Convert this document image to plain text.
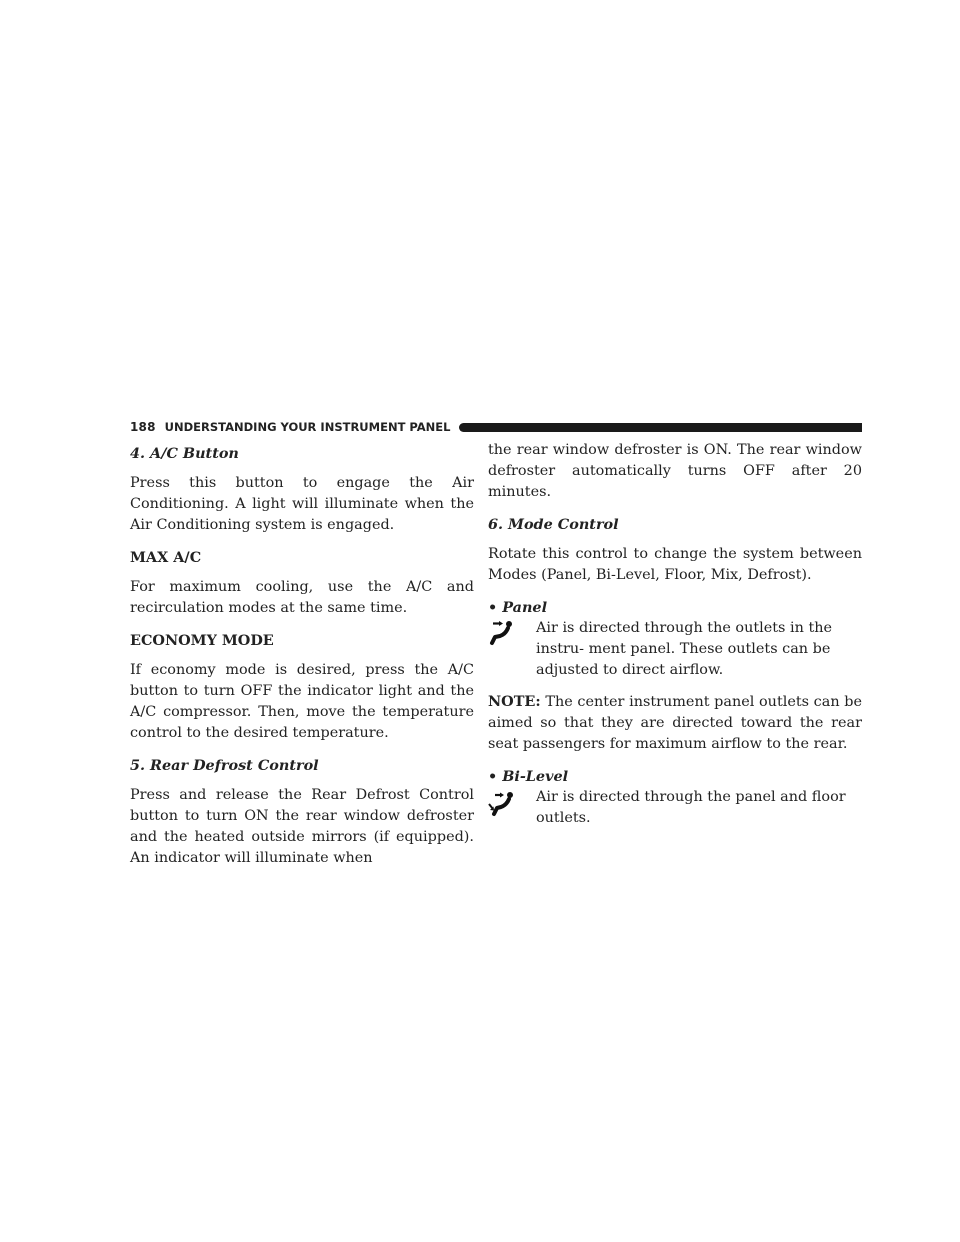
188 UNDERSTANDING YOUR INSTRUMENT PANEL

4. A/C Button

Press this button to engage the Air Conditioning. A light will illuminate when the Air Conditioning system is engaged.

MAX A/C

For maximum cooling, use the A/C and recirculation modes at the same time.

ECONOMY MODE

If economy mode is desired, press the A/C button to turn OFF the indicator light and the A/C compressor. Then, move the temperature control to the desired temperature.

5. Rear Defrost Control

Press and release the Rear Defrost Control button to turn ON the rear window defroster and the heated outside mirrors (if equipped). An indicator will illuminate when

the rear window defroster is ON. The rear window defroster automatically turns OFF after 20 minutes.

6. Mode Control

Rotate this control to change the system between Modes (Panel, Bi-Level, Floor, Mix, Defrost).

• Panel

Air is directed through the outlets in the instru- ment panel. These outlets can be adjusted to direct airflow.

NOTE: The center instrument panel outlets can be aimed so that they are directed toward the rear seat passengers for maximum airflow to the rear.

• Bi-Level

Air is directed through the panel and floor outlets.
